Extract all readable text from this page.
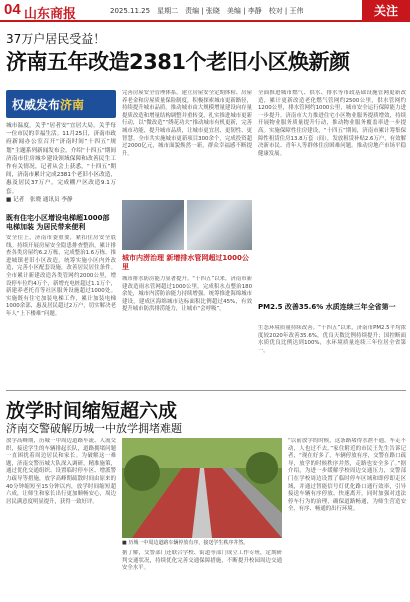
04 山东商报	2025.11.25　星期二　责编 | 张晓　美编 | 李静　校对 | 王伟	关注
37万户居民受益！
济南五年改造2381个老旧小区焕新颜
权威发布济南
城市温度，关乎“居者安”宜居大局。关乎每一位市民的幸福生活。11月25日，济南市政府新闻办公室召开“济南时间”十四五“规划”主题系列新闻发布会，介绍“十四五”期间济南市住房城乡建设领域保障和改善民生工作有关情况。记者从会上获悉，“十四五”期间，济南市累计完成2381个老旧小区改造，惠及居民37万户，完成棚户区改造9.1万套。
■ 记者　张晓 通讯员 李静
既有住宅小区增设电梯超1000部 电梯加装 为居民带来便利
安全住上，济南市委重要，紧扣住房安全底线。持续开展房屋安全隐患排查整治，累计排查各类房屋约6.2万栋，完成整治1.6万栋。推进城镇老旧小区改造，统筹实施小区内外改造，完善小区配套设施，改善居民居住条件。全市累计新建改造各类管网约2000公里，增设停车位约4万个，新增充电桩超过1.1万个，新建养老托育等社区服务设施超过1000处。实施既有住宅加装电梯工作，累计加装电梯1000余部，惠及居民超过2万户，切实解决老年人“上下楼难”问题。
完善房屋安全管理体系，建立房屋安全定期体检、房屋养老金和房屋质量保险制度，积极探索城市更新路径，持续提升城市品质。推动城市由大规模增量建设向存量提质改造和增量结构调整并重转变，扎实推进城市更新行动，以“微改造”“绣花功夫”推动城市有机更新，完善城市功能，提升城市品质，让城市更宜居、更韧性、更智慧。全市共实施城市更新项目300余个，完成投资超过2000亿元，城市面貌焕然一新，群众幸福感不断提升。
城市内涝治理 新增排水管网超过1000公里
城市排水防涝能力显著提升。“十四五”以来，济南市新建改造雨水管网超过1000公里，完成积水点整治180余处，城市内涝防治能力持续增强。统筹推进海绵城市建设，建成区海绵城市达标面积比例超过45%，有效提升城市防洪排涝能力，让城市“会呼吸”。
全面推进城市燃气、供水、排水等市政基础设施管网更新改造，累计更新改造老化燃气管网约2500公里，供水管网约1200公里，排水管网约1000公里，城市安全运行保障能力进一步提升。济南市大力推进住宅小区物业服务提质增效，持续开展物业服务质量提升行动，推动物业服务覆盖率进一步提高。实施保障性住房建设，“十四五”期间，济南市累计筹集保障性租赁住房13.8万套（间），发放租赁补贴2.6万户，有效解决新市民、青年人等群体住房困难问题。推动房地产市场平稳健康发展。
PM2.5 改善35.6% 水质连续三年全省第一
生态环境质量持续改善。“十四五”以来，济南市PM2.5平均浓度较2020年改善35.6%，优良天数比例持续提升；国控断面水质优良比例达到100%，水环境质量连续三年位居全省第一。
放学时间缩短超六成
济南交警破解历城一中放学拥堵难题
放学高峰期，历城一中周边道路车流、人流交织，接送学生的车辆排起长队，道路拥堵问题一直困扰着周边居民和家长。为破解这一难题，济南交警历城大队深入调研，精准施策，通过优化交通组织、设置临时停车区、增派警力疏导等措施，放学高峰期疏散时间由原来的40分钟缩短至15分钟以内，放学时间缩短超六成，让师生和家长出行更加顺畅安心，周边居民满意度明显提升，获得一致好评。
■ 历城一中周边道路车辆停放有序，接送学生秩序井然。
据了解，交警部门还联合学校、街道等部门成立工作专班，定期研判交通状况，持续优化完善交通保障措施，不断提升校园周边交通安全水平。
“以前放学的时候，这条路堵得水泄不通，车走不动，人也过不去。”家住附近的市民王先生告诉记者，“现在好多了，车辆停放有序，交警在路口疏导，放学的时候秩序井然，走路也安全多了。”据介绍，为进一步缓解学校周边交通压力，交警部门在学校周边设置了临时停车区域和即停即走区域，并通过智能信号灯优化路口通行效率，引导接送车辆有序停放、快速离开，同时加强对违法停车行为的治理，确保道路畅通，为师生营造安全、有序、畅通的出行环境。
